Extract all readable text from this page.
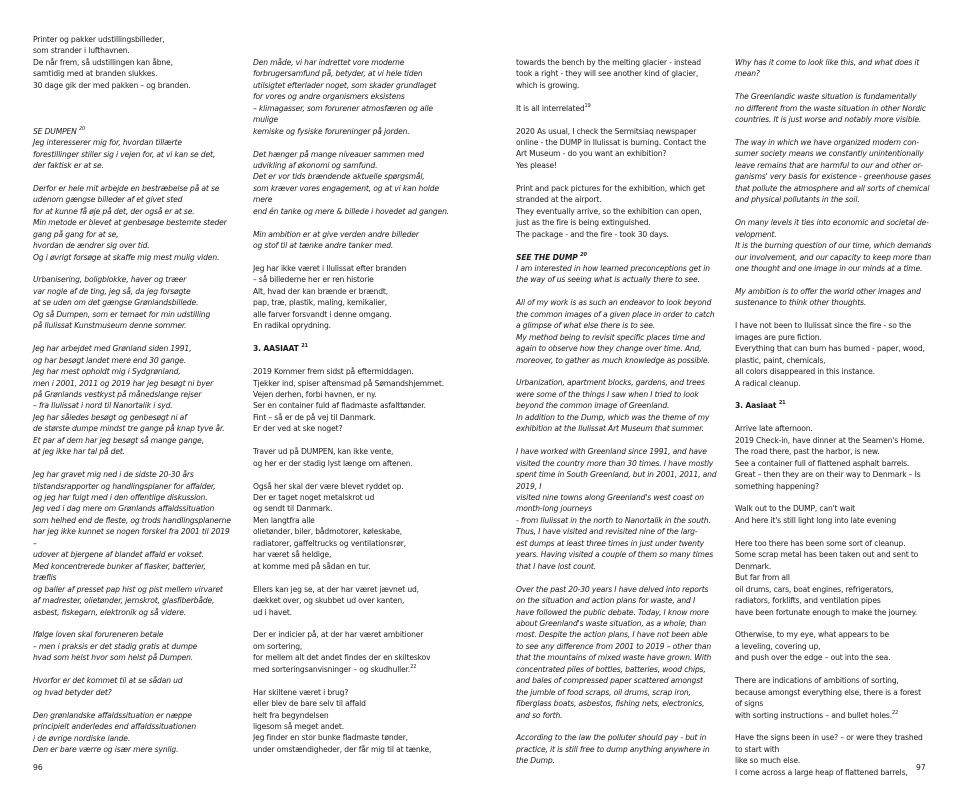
Printer og pakker udstillingsbilleder,
som strander i lufthavnen.
De når frem, så udstillingen kan åbne,
samtidig med at branden slukkes.
30 dage gik der med pakken – og branden.

SE DUMPEN $^{20}$
Jeg interesserer mig for, hvordan tillærte
forestillinger stiller sig i vejen for, at vi kan se det,
der faktisk er at se.
Derfor er hele mit arbejde en bestræbelse på at se
udenom gængse billeder af et givet sted
for at kunne få øje på det, der også er at se.
Min metode er blevet at genbesøge bestemte steder
gang på gang for at se,
hvordan de ændrer sig over tid.
Og i øvrigt forsøge at skaffe mig mest mulig viden.
Urbanisering, boligblokke, haver og træer
var nogle af de ting, jeg så, da jeg forsøgte
at se uden om det gængse Grønlandsbillede.
Og så Dumpen, som er temaet for min udstilling
på Ilulissat Kunstmuseum denne sommer.
Jeg har arbejdet med Grønland siden 1991,
og har besøgt landet mere end 30 gange.
Jeg har mest opholdt mig i Sydgrønland,
men i 2001, 2011 og 2019 har jeg besøgt ni byer
på Grønlands vestkyst på månedslange rejser
– fra Ilulissat i nord til Nanortalik i syd.
Jeg har således besøgt og genbesøgt ni af
de største dumpe mindst tre gange på knap tyve år.
Et par af dem har jeg besøgt så mange gange,
at jeg ikke har tal på det.
Jeg har gravet mig ned i de sidste 20-30 års
tilstandsrapporter og handlingsplaner for affalder,
og jeg har fulgt med i den offentlige diskussion.
Jeg ved i dag mere om Grønlands affaldssituation
som helhed end de fleste, og trods handlingsplanerne
har jeg ikke kunnet se nogen forskel fra 2001 til 2019
–
udover at bjergene af blandet affald er vokset.
Med koncentrerede bunker af flasker, batterier,
træflis
og baller af presset pap hist og pist mellem virvaret
af madrester, olietønder, jernskrot, glasfiberbåde,
asbest, fiskegarn, elektronik og så videre.
Ifølge loven skal forureneren betale
– men i praksis er det stadig gratis at dumpe
hvad som helst hvor som helst på Dumpen.
Hvorfor er det kommet til at se sådan ud
og hvad betyder det?
Den grønlandske affaldssituation er næppe
principielt anderledes end affaldssituationen
i de øvrige nordiske lande.
Den er bare værre og især mere synlig.

Den måde, vi har indrettet vore moderne
forbrugersamfund på, betyder, at vi hele tiden
utilsigtet efterlader noget, som skader grundlaget
for vores og andre organismers eksistens
– klimagasser, som forurener atmosfæren og alle
mulige
kemiske og fysiske forureninger på jorden.
Det hænger på mange niveauer sammen med
udvikling af økonomi og samfund.
Det er vor tids brændende aktuelle spørgsmål,
som kræver vores engagement, og at vi kan holde
mere
end én tanke og mere & billede i hovedet ad gangen.
Min ambition er at give verden andre billeder
og stof til at tænke andre tanker med.
Jeg har ikke været i Ilulissat efter branden
– så billederne her er ren historie
Alt, hvad der kan brænde er brændt,
pap, træ, plastik, maling, kemikalier,
alle farver forsvandt i denne omgang.
En radikal oprydning.
3. AASIAAT $^{21}$
2019 Kommer frem sidst på eftermiddagen.
Tjekker ind, spiser aftensmad på Sømandshjemmet.
Vejen derhen, forbi havnen, er ny.
Ser en container fuld af fladmaste asfalttønder.
Fint – så er de på vej til Danmark.
Er der ved at ske noget?
Traver ud på DUMPEN, kan ikke vente,
og her er der stadig lyst længe om aftenen.
Også her skal der være blevet ryddet op.
Der er taget noget metalskrot ud
og sendt til Danmark.
Men langtfra alle
olietønder, biler, bådmotorer, køleskabe,
radiatorer, gaffeltrucks og ventilationsrør,
har været så heldige,
at komme med på sådan en tur.
Ellers kan jeg se, at der har været jævnet ud,
dækket over, og skubbet ud over kanten,
ud i havet.
Der er indicier på, at der har været ambitioner
om sortering,
for mellem alt det andet findes der en skilteskov
med sorteringsanvisninger – og skudhuller.$^{22}$
Har skiltene været i brug?
eller blev de bare selv til affald
helt fra begyndelsen
ligesom så meget andet.
Jeg finder en stor bunke fladmaste tønder,
under omstændigheder, der får mig til at tænke,

towards the bench by the melting glacier - instead
took a right - they will see another kind of glacier,
which is growing.
It is all interrelated$^{19}$
2020 As usual, I check the Sermitsiaq newspaper
online - the DUMP in Ilulissat is burning. Contact the
Art Museum - do you want an exhibition?
Yes please!
Print and pack pictures for the exhibition, which get
stranded at the airport.
They eventually arrive, so the exhibition can open,
just as the fire is being extinguished.
The package - and the fire - took 30 days.
SEE THE DUMP $^{20}$
I am interested in how learned preconceptions get in
the way of us seeing what is actually there to see.
All of my work is as such an endeavor to look beyond
the common images of a given place in order to catch
a glimpse of what else there is to see.
My method being to revisit specific places time and
again to observe how they change over time. And,
moreover, to gather as much knowledge as possible.
Urbanization, apartment blocks, gardens, and trees
were some of the things I saw when I tried to look
beyond the common image of Greenland.
In addition to the Dump, which was the theme of my
exhibition at the Ilulissat Art Museum that summer.
I have worked with Greenland since 1991, and have
visited the country more than 30 times. I have mostly
spent time in South Greenland, but in 2001, 2011, and
2019, I
visited nine towns along Greenland's west coast on
month-long journeys
- from Ilulissat in the north to Nanortalik in the south.
Thus, I have visited and revisited nine of the larg-
est dumps at least three times in just under twenty
years. Having visited a couple of them so many times
that I have lost count.
Over the past 20-30 years I have delved into reports
on the situation and action plans for waste, and I
have followed the public debate. Today, I know more
about Greenland's waste situation, as a whole, than
most. Despite the action plans, I have not been able
to see any difference from 2001 to 2019 – other than
that the mountains of mixed waste have grown. With
concentrated piles of bottles, batteries, wood chips,
and bales of compressed paper scattered amongst
the jumble of food scraps, oil drums, scrap iron,
fiberglass boats, asbestos, fishing nets, electronics,
and so forth.
According to the law the polluter should pay - but in
practice, it is still free to dump anything anywhere in
the Dump.

Why has it come to look like this, and what does it
mean?
The Greenlandic waste situation is fundamentally
no different from the waste situation in other Nordic
countries. It is just worse and notably more visible.
The way in which we have organized modern con-
sumer society means we constantly unintentionally
leave remains that are harmful to our and other or-
ganisms' very basis for existence - greenhouse gases
that pollute the atmosphere and all sorts of chemical
and physical pollutants in the soil.
On many levels it ties into economic and societal de-
velopment.
It is the burning question of our time, which demands
our involvement, and our capacity to keep more than
one thought and one image in our minds at a time.
My ambition is to offer the world other images and
sustenance to think other thoughts.
I have not been to Ilulissat since the fire - so the
images are pure fiction.
Everything that can burn has burned - paper, wood,
plastic, paint, chemicals,
all colors disappeared in this instance.
A radical cleanup.
3. Aasiaat $^{21}$
Arrive late afternoon.
2019 Check-in, have dinner at the Seamen's Home.
The road there, past the harbor, is new.
See a container full of flattened asphalt barrels.
Great – then they are on their way to Denmark – Is
something happening?
Walk out to the DUMP, can't wait
And here it's still light long into late evening
Here too there has been some sort of cleanup.
Some scrap metal has been taken out and sent to
Denmark.
But far from all
oil drums, cars, boat engines, refrigerators,
radiators, forklifts, and ventilation pipes
have been fortunate enough to make the journey.
Otherwise, to my eye, what appears to be
a leveling, covering up,
and push over the edge – out into the sea.
There are indications of ambitions of sorting,
because amongst everything else, there is a forest
of signs
with sorting instructions – and bullet holes.$^{22}$
Have the signs been in use? – or were they trashed
to start with
like so much else.
I come across a large heap of flattened barrels,
96	97
